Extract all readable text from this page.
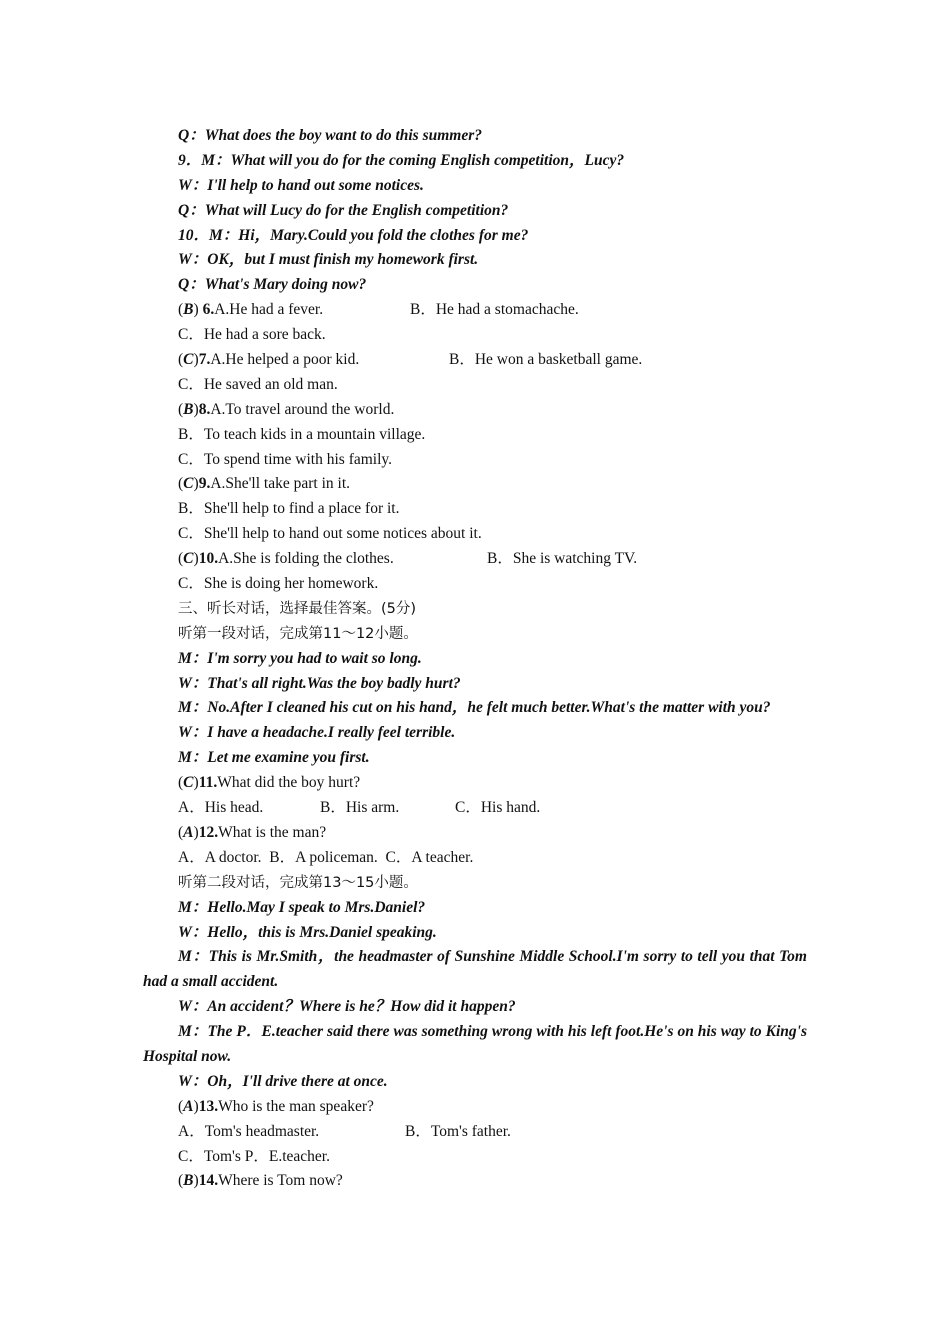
Q：What does the boy want to do this summer?
9．M：What will you do for the coming English competition，Lucy?
W：I'll help to hand out some notices.
Q：What will Lucy do for the English competition?
10．M：Hi，Mary.Could you fold the clothes for me?
W：OK，but I must finish my homework first.
Q：What's Mary doing now?
(B) 6.A.He had a fever.	B．He had a stomachache.
C．He had a sore back.
(C)7.A.He helped a poor kid.	B．He won a basketball game.
C．He saved an old man.
(B)8.A.To travel around the world.
B．To teach kids in a mountain village.
C．To spend time with his family.
(C)9.A.She'll take part in it.
B．She'll help to find a place for it.
C．She'll help to hand out some notices about it.
(C)10.A.She is folding the clothes.	B．She is watching TV.
C．She is doing her homework.
三、听长对话，选择最佳答案。(5分)
听第一段对话，完成第11～12小题。
M：I'm sorry you had to wait so long.
W：That's all right.Was the boy badly hurt?
M：No.After I cleaned his cut on his hand，he felt much better.What's the matter with you?
W：I have a headache.I really feel terrible.
M：Let me examine you first.
(C)11.What did the boy hurt?
A．His head.	B．His arm.	C．His hand.
(A)12.What is the man?
A．A doctor.  B．A policeman.  C．A teacher.
听第二段对话，完成第13～15小题。
M：Hello.May I speak to Mrs.Daniel?
W：Hello，this is Mrs.Daniel speaking.
M：This is Mr.Smith，the headmaster of Sunshine Middle School.I'm sorry to tell you that Tom had a small accident.
W：An accident？Where is he？How did it happen?
M：The P．E.teacher said there was something wrong with his left foot.He's on his way to King's Hospital now.
W：Oh，I'll drive there at once.
(A)13.Who is the man speaker?
A．Tom's headmaster.	B．Tom's father.
C．Tom's P．E.teacher.
(B)14.Where is Tom now?
